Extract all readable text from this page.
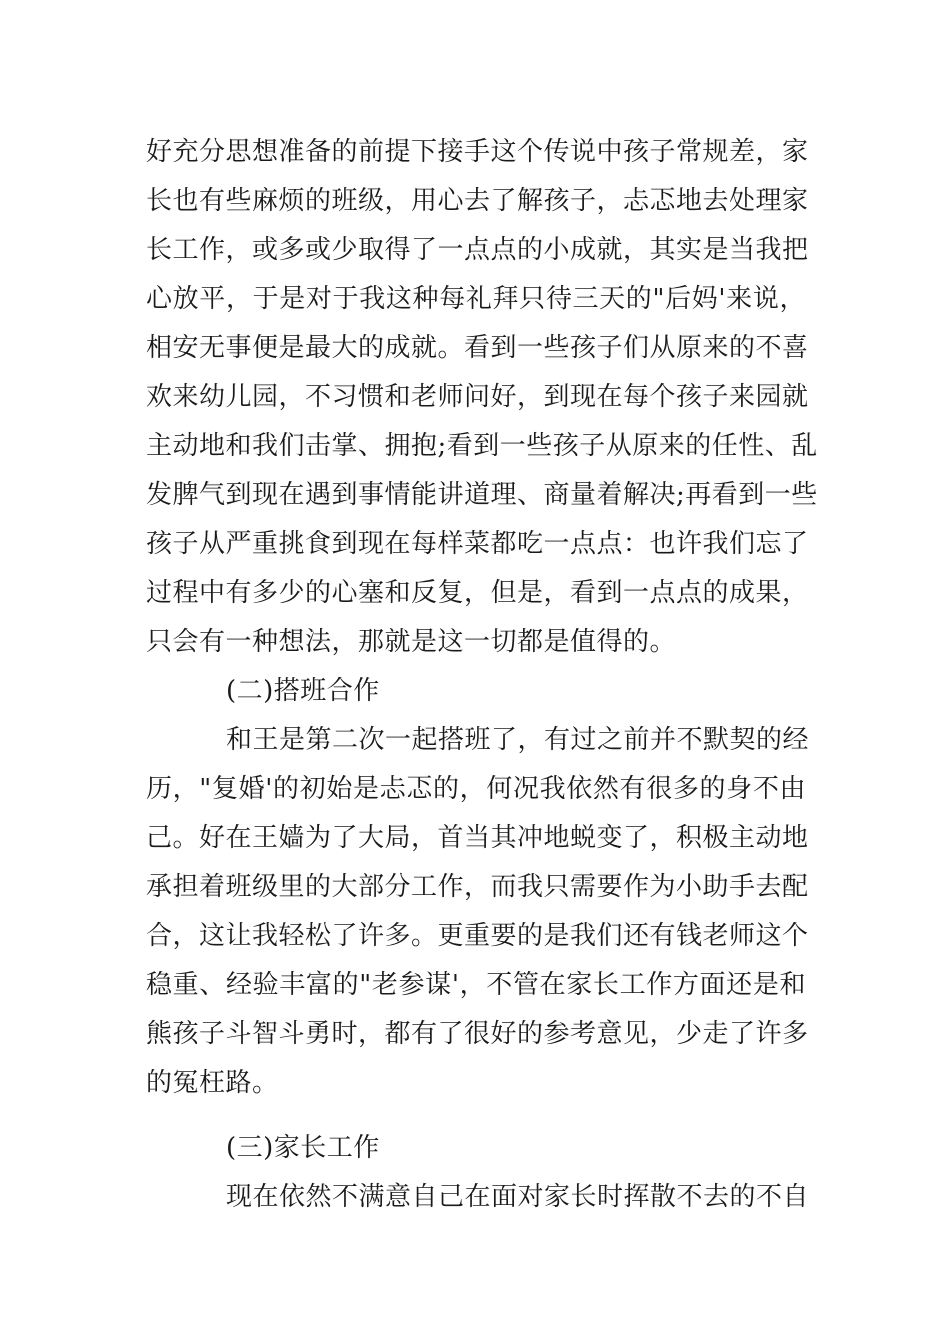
好充分思想准备的前提下接手这个传说中孩子常规差，家
长也有些麻烦的班级，用心去了解孩子，忐忑地去处理家
长工作，或多或少取得了一点点的小成就，其实是当我把
心放平，于是对于我这种每礼拜只待三天的"后妈'来说，
相安无事便是最大的成就。看到一些孩子们从原来的不喜
欢来幼儿园，不习惯和老师问好，到现在每个孩子来园就
主动地和我们击掌、拥抱;看到一些孩子从原来的任性、乱
发脾气到现在遇到事情能讲道理、商量着解决;再看到一些
孩子从严重挑食到现在每样菜都吃一点点：也许我们忘了
过程中有多少的心塞和反复，但是，看到一点点的成果，
只会有一种想法，那就是这一切都是值得的。
(二)搭班合作
和王是第二次一起搭班了，有过之前并不默契的经
历，"复婚'的初始是忐忑的，何况我依然有很多的身不由
己。好在王嫱为了大局，首当其冲地蜕变了，积极主动地
承担着班级里的大部分工作，而我只需要作为小助手去配
合，这让我轻松了许多。更重要的是我们还有钱老师这个
稳重、经验丰富的"老参谋'，不管在家长工作方面还是和
熊孩子斗智斗勇时，都有了很好的参考意见，少走了许多
的冤枉路。
(三)家长工作
现在依然不满意自己在面对家长时挥散不去的不自
